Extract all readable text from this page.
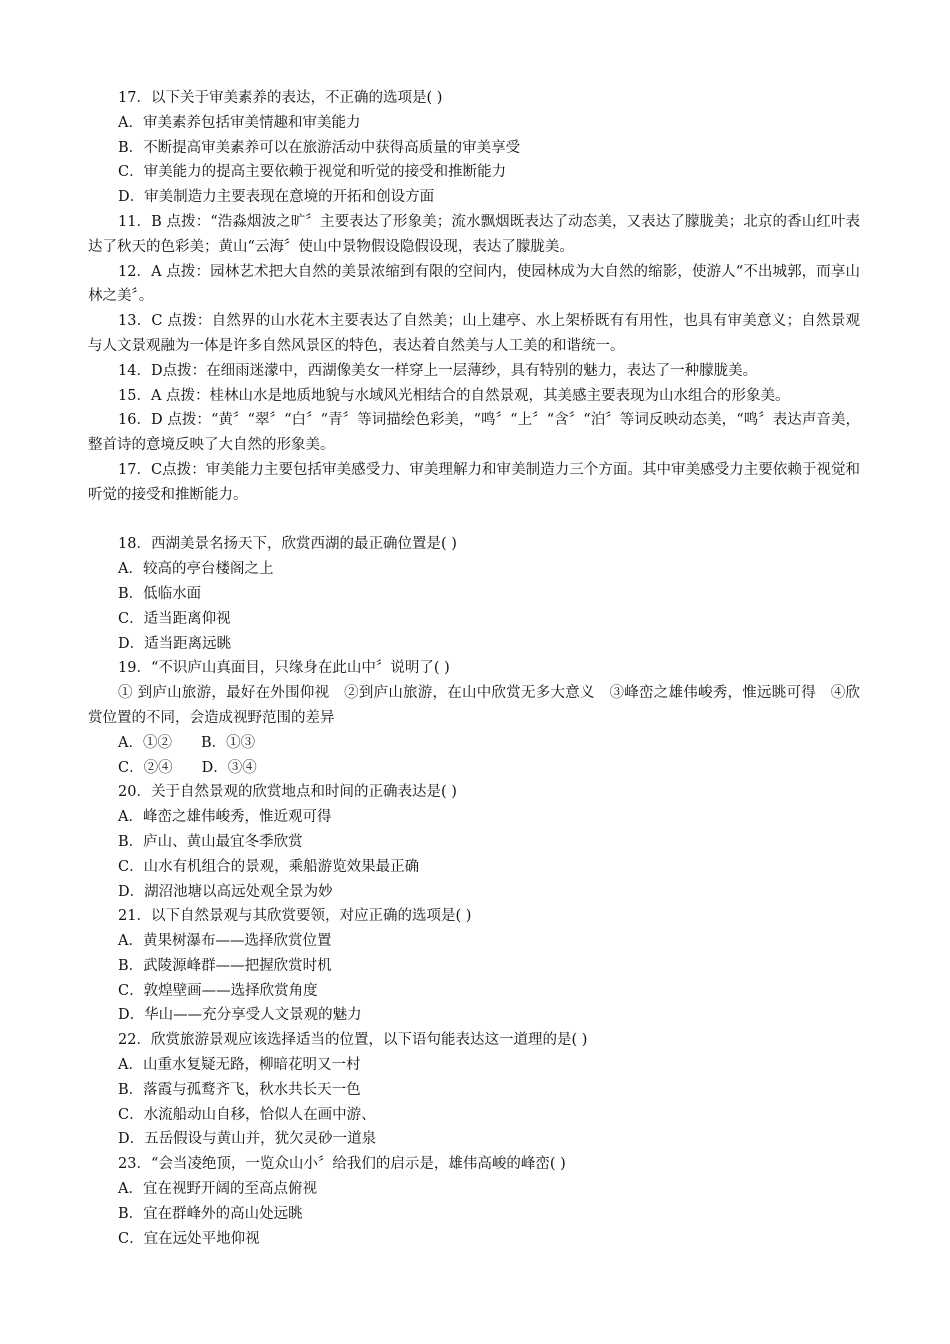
17．以下关于审美素养的表达，不正确的选项是( )
A．审美素养包括审美情趣和审美能力
B．不断提高审美素养可以在旅游活动中获得高质量的审美享受
C．审美能力的提高主要依赖于视觉和听觉的接受和推断能力
D．审美制造力主要表现在意境的开拓和创设方面
11．B 点拨：“浩淼烟波之旷〞主要表达了形象美；流水飘烟既表达了动态美，又表达了朦胧美；北京的香山红叶表达了秋天的色彩美；黄山“云海〞使山中景物假设隐假设现，表达了朦胧美。
12．A 点拨：园林艺术把大自然的美景浓缩到有限的空间内，使园林成为大自然的缩影，使游人“不出城郭，而享山林之美〞。
13．C 点拨：自然界的山水花木主要表达了自然美；山上建亭、水上架桥既有有用性，也具有审美意义；自然景观与人文景观融为一体是许多自然风景区的特色，表达着自然美与人工美的和谐统一。
14．D点拨：在细雨迷濛中，西湖像美女一样穿上一层薄纱，具有特别的魅力，表达了一种朦胧美。
15．A 点拨：桂林山水是地质地貌与水域风光相结合的自然景观，其美感主要表现为山水组合的形象美。
16．D 点拨：“黄〞“翠〞“白〞“青〞等词描绘色彩美，“鸣〞“上〞“含〞“泊〞等词反映动态美，“鸣〞表达声音美，整首诗的意境反映了大自然的形象美。
17．C点拨：审美能力主要包括审美感受力、审美理解力和审美制造力三个方面。其中审美感受力主要依赖于视觉和听觉的接受和推断能力。
18．西湖美景名扬天下，欣赏西湖的最正确位置是( )
A．较高的亭台楼阁之上
B．低临水面
C．适当距离仰视
D．适当距离远眺
19．“不识庐山真面目，只缘身在此山中〞说明了( )
① 到庐山旅游，最好在外围仰视　②到庐山旅游，在山中欣赏无多大意义　③峰峦之雄伟峻秀，惟远眺可得　④欣赏位置的不同，会造成视野范围的差异
A．①②　　B．①③
C．②④　　D．③④
20．关于自然景观的欣赏地点和时间的正确表达是( )
A．峰峦之雄伟峻秀，惟近观可得
B．庐山、黄山最宜冬季欣赏
C．山水有机组合的景观，乘船游览效果最正确
D．湖沼池塘以高远处观全景为妙
21．以下自然景观与其欣赏要领，对应正确的选项是( )
A．黄果树瀑布——选择欣赏位置
B．武陵源峰群——把握欣赏时机
C．敦煌壁画——选择欣赏角度
D．华山——充分享受人文景观的魅力
22．欣赏旅游景观应该选择适当的位置，以下语句能表达这一道理的是( )
A．山重水复疑无路，柳暗花明又一村
B．落霞与孤鹜齐飞，秋水共长天一色
C．水流船动山自移，恰似人在画中游、
D．五岳假设与黄山并，犹欠灵砂一道泉
23．“会当凌绝顶，一览众山小〞给我们的启示是，雄伟高峻的峰峦( )
A．宜在视野开阔的至高点俯视
B．宜在群峰外的高山处远眺
C．宜在远处平地仰视
